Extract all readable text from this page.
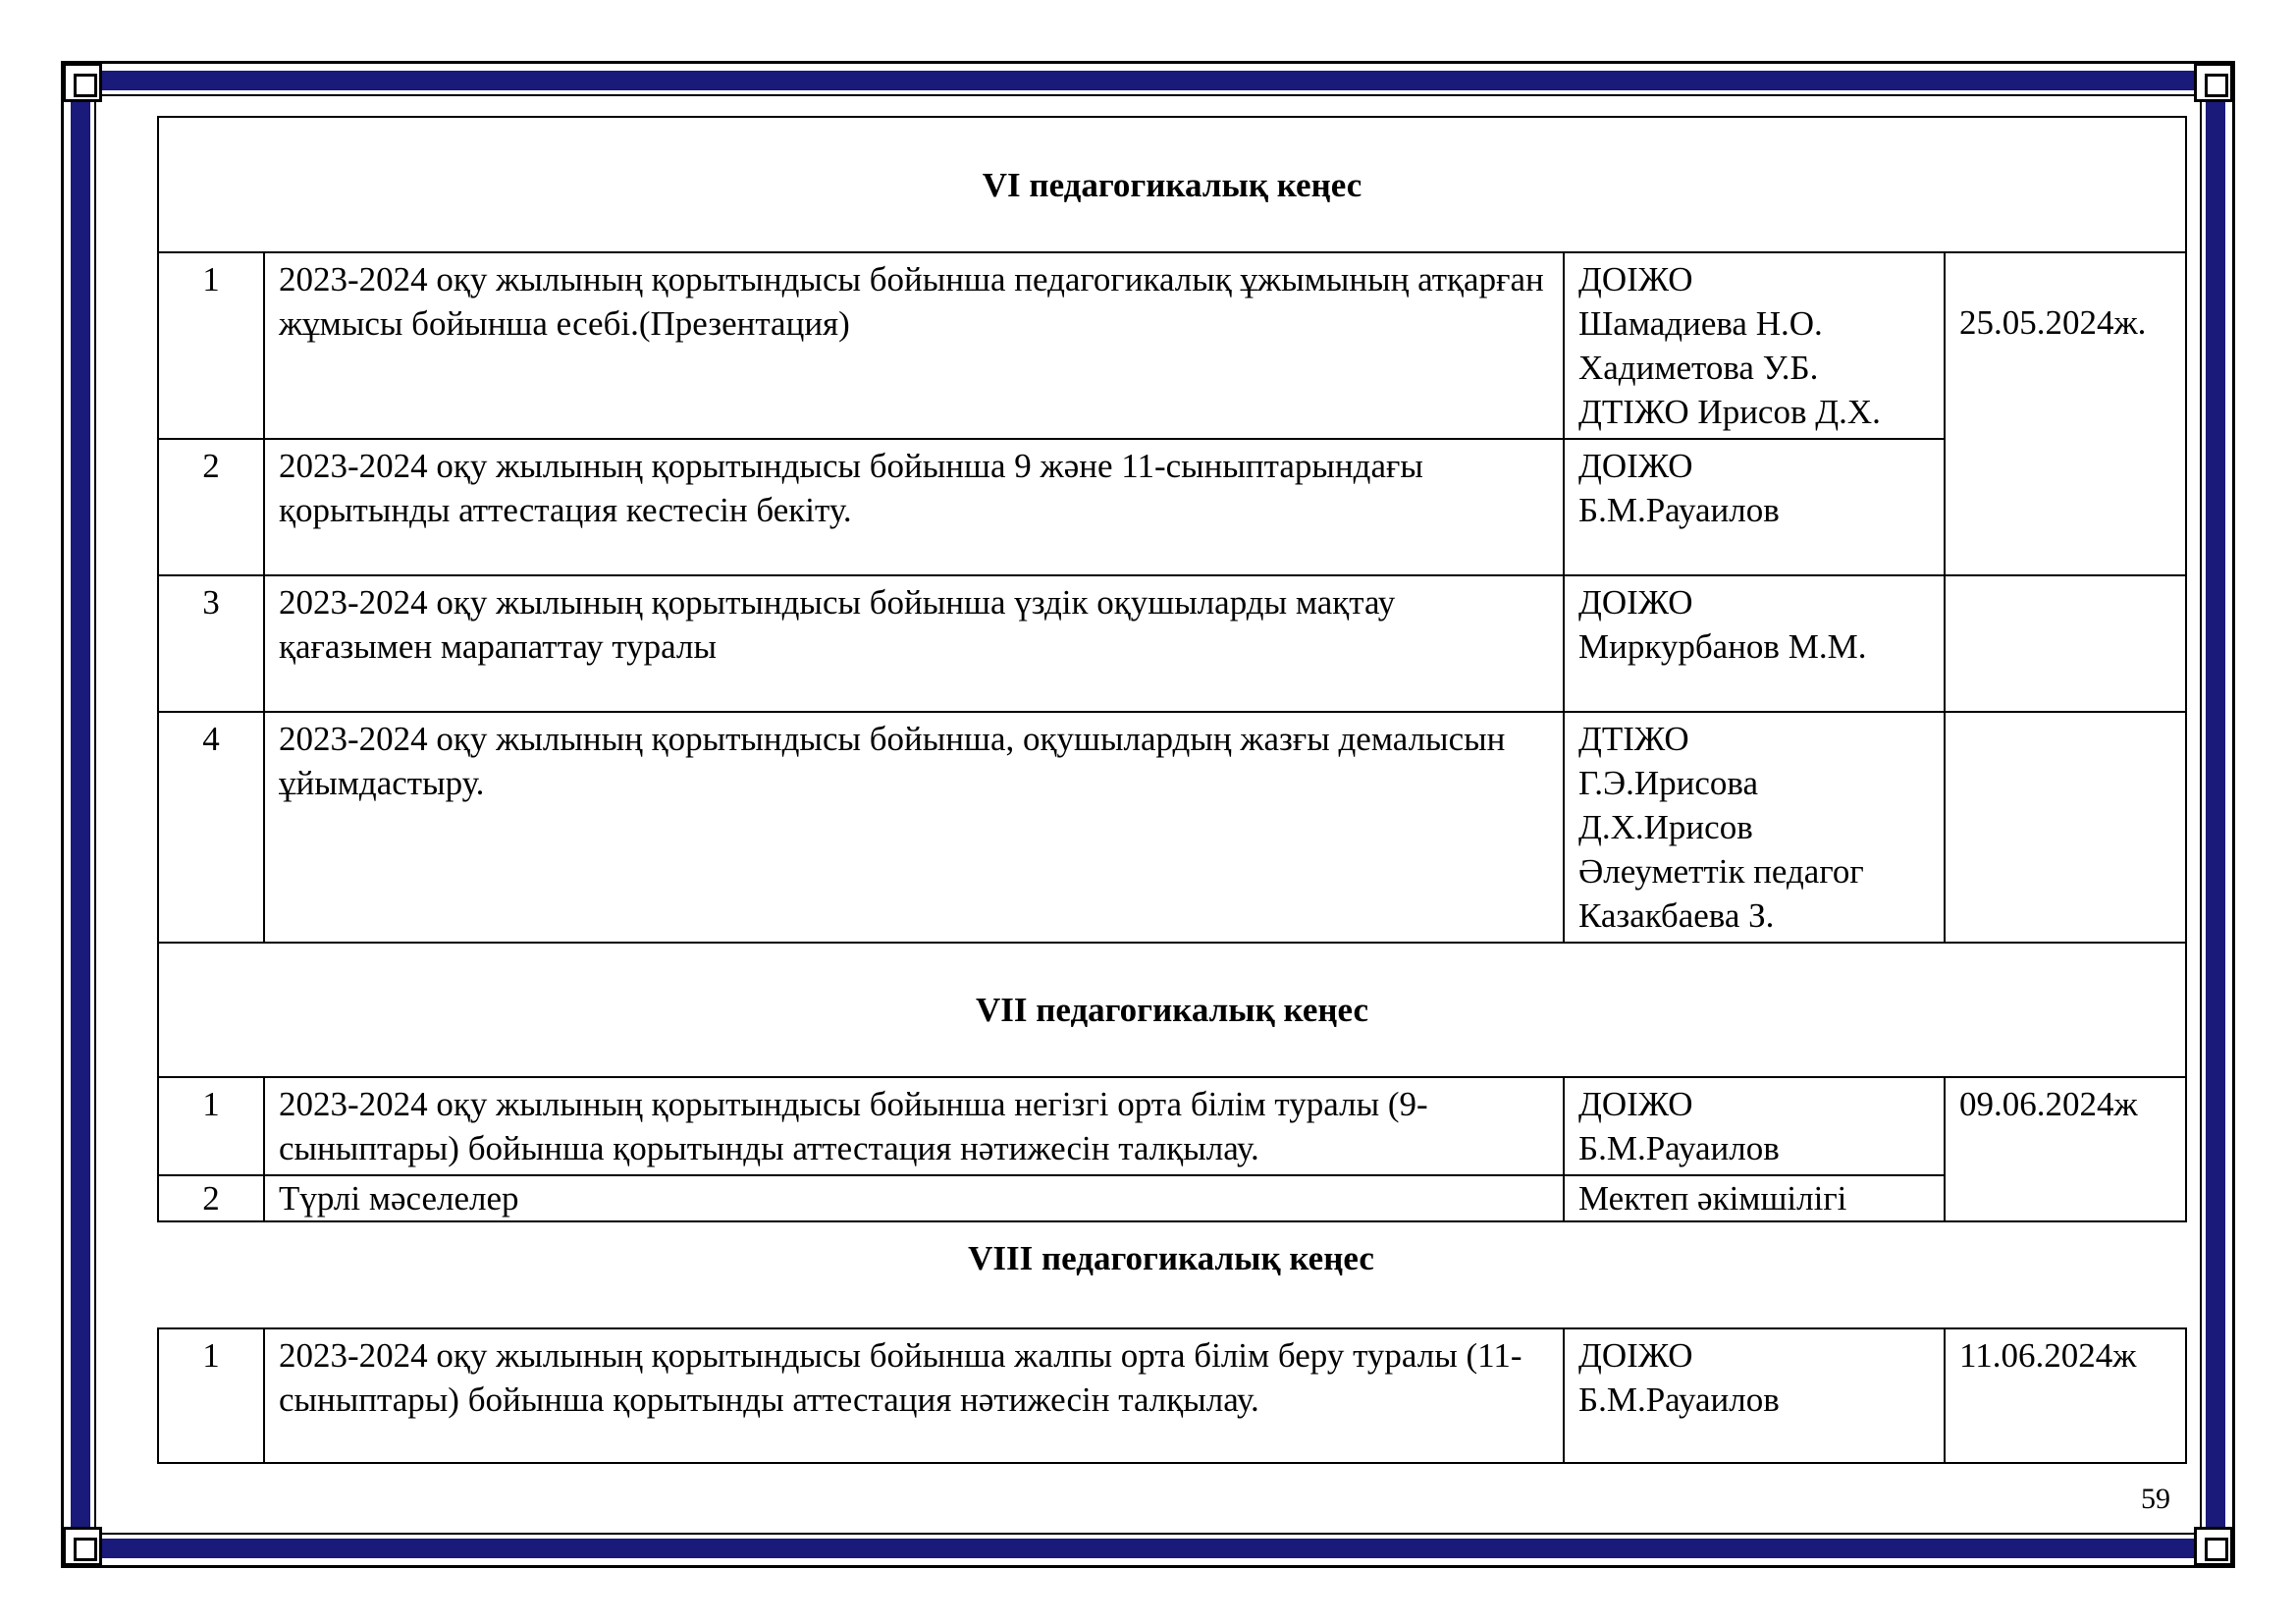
VI педагогикалық кеңес			
1	2023-2024 оқу жылының қорытындысы бойынша педагогикалық ұжымының атқарған жұмысы бойынша есебі.(Презентация)	ДОІЖО
Шамадиева Н.О.
Хадиметова У.Б.
ДТІЖО Ирисов Д.Х.	25.05.2024ж.
2	2023-2024 оқу жылының қорытындысы бойынша 9 және 11-сыныптарындағы қорытынды аттестация кестесін бекіту.	ДОІЖО
Б.М.Рауаилов	

3	2023-2024 оқу жылының қорытындысы бойынша үздік оқушыларды мақтау қағазымен марапаттау туралы	ДОІЖО
Миркурбанов М.М.	

4	2023-2024 оқу жылының қорытындысы бойынша, оқушылардың жазғы демалысын ұйымдастыру.	ДТІЖО
Г.Э.Ирисова
Д.Х.Ирисов
Әлеуметтік педагог
Казакбаева З.	

VII педагогикалық кеңес			
1	2023-2024 оқу жылының қорытындысы бойынша негізгі орта білім туралы (9-сыныптары) бойынша қорытынды аттестация нәтижесін талқылау.	ДОІЖО
Б.М.Рауаилов	09.06.2024ж
2	Түрлі мәселелер	Мектеп әкімшілігі	
VIII педагогикалық кеңес
1	2023-2024 оқу жылының қорытындысы бойынша жалпы орта білім беру туралы (11-сыныптары) бойынша қорытынды аттестация нәтижесін талқылау.	
ДОІЖО
Б.М.Рауаилов
	11.06.2024ж
59
